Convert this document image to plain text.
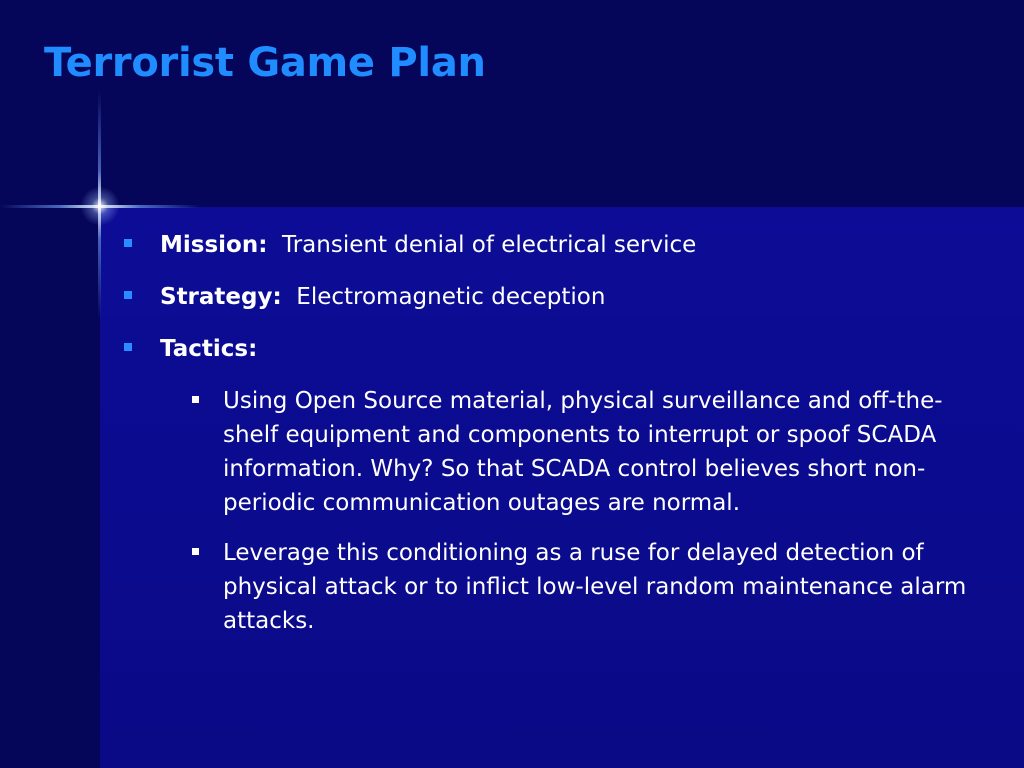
Terrorist Game Plan
Mission: Transient denial of electrical service
Strategy: Electromagnetic deception
Tactics:
Using Open Source material, physical surveillance and off-the-shelf equipment and components to interrupt or spoof SCADA information. Why? So that SCADA control believes short non-periodic communication outages are normal.
Leverage this conditioning as a ruse for delayed detection of physical attack or to inflict low-level random maintenance alarm attacks.
